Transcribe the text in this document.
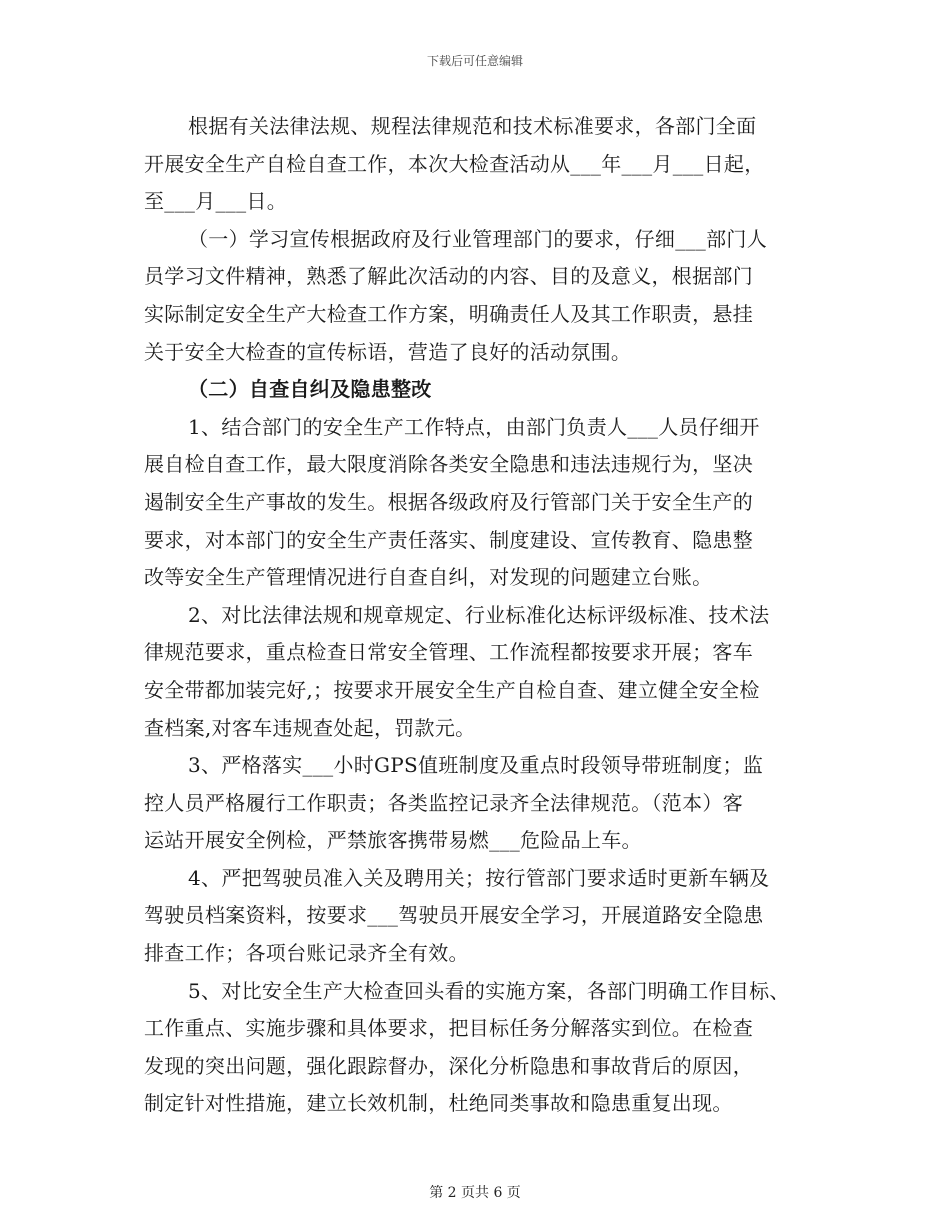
下载后可任意编辑
根据有关法律法规、规程法律规范和技术标准要求，各部门全面
开展安全生产自检自查工作，本次大检查活动从___年___月___日起，
至___月___日。
（一）学习宣传根据政府及行业管理部门的要求，仔细___部门人
员学习文件精神，熟悉了解此次活动的内容、目的及意义，根据部门
实际制定安全生产大检查工作方案，明确责任人及其工作职责，悬挂
关于安全大检查的宣传标语，营造了良好的活动氛围。
（二）自查自纠及隐患整改
1、结合部门的安全生产工作特点，由部门负责人___人员仔细开
展自检自查工作，最大限度消除各类安全隐患和违法违规行为，坚决
遏制安全生产事故的发生。根据各级政府及行管部门关于安全生产的
要求，对本部门的安全生产责任落实、制度建设、宣传教育、隐患整
改等安全生产管理情况进行自查自纠，对发现的问题建立台账。
2、对比法律法规和规章规定、行业标准化达标评级标准、技术法
律规范要求，重点检查日常安全管理、工作流程都按要求开展；客车
安全带都加装完好,；按要求开展安全生产自检自查、建立健全安全检
查档案,对客车违规查处起，罚款元。
3、严格落实___小时GPS值班制度及重点时段领导带班制度；监
控人员严格履行工作职责；各类监控记录齐全法律规范。（范本）客
运站开展安全例检，严禁旅客携带易燃___危险品上车。
4、严把驾驶员准入关及聘用关；按行管部门要求适时更新车辆及
驾驶员档案资料，按要求___驾驶员开展安全学习，开展道路安全隐患
排查工作；各项台账记录齐全有效。
5、对比安全生产大检查回头看的实施方案，各部门明确工作目标、
工作重点、实施步骤和具体要求，把目标任务分解落实到位。在检查
发现的突出问题，强化跟踪督办，深化分析隐患和事故背后的原因，
制定针对性措施，建立长效机制，杜绝同类事故和隐患重复出现。
第 2 页共 6 页
